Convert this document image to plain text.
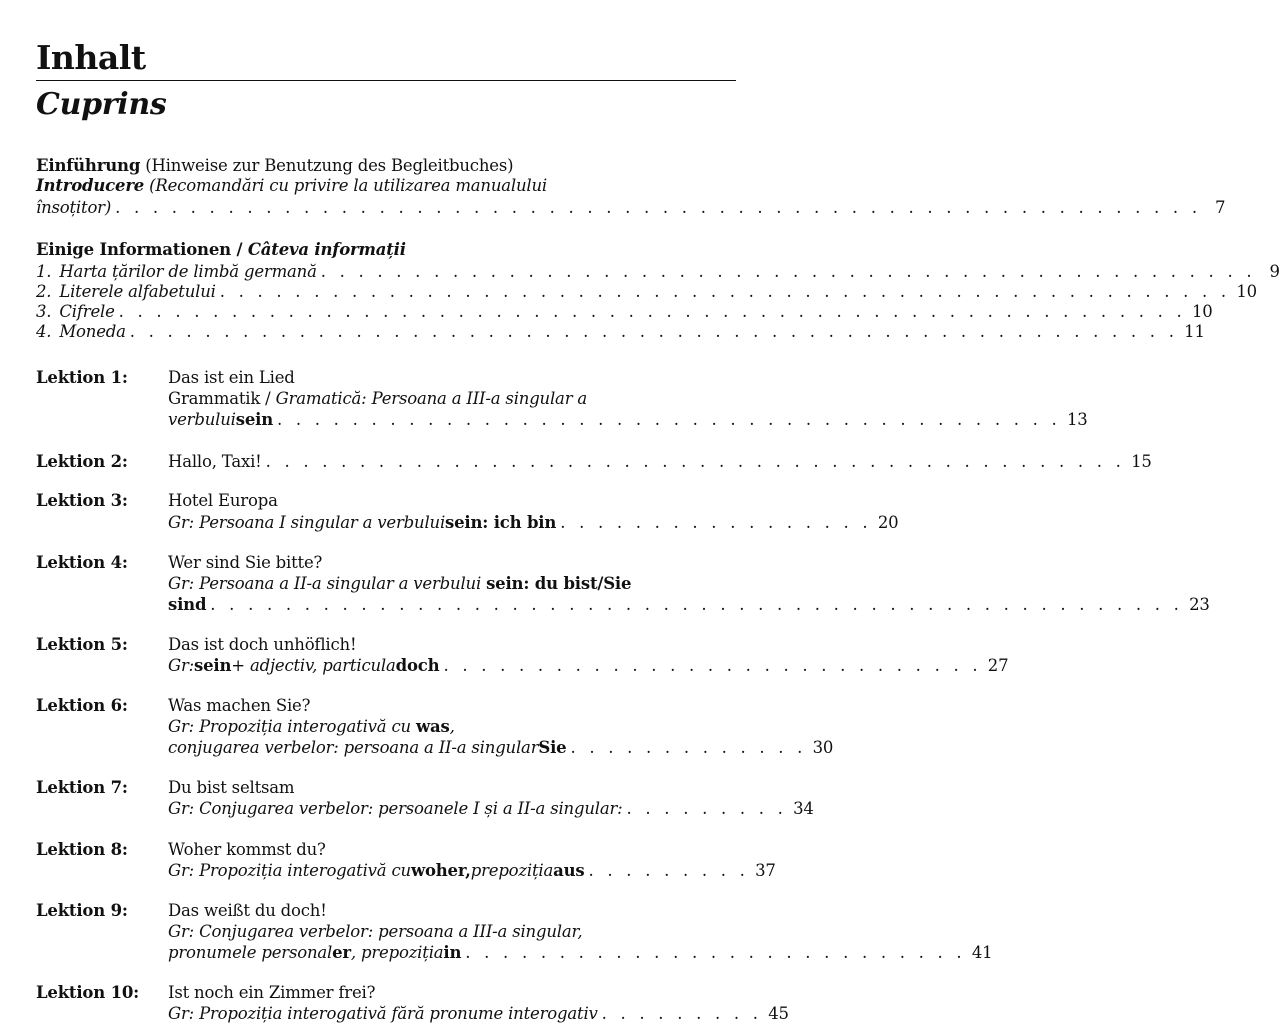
Inhalt
Cuprins
Einführung (Hinweise zur Benutzung des Begleitbuches)
Introducere (Recomandări cu privire la utilizarea manualului
însoțitor) . . . . . . . . . . . . . . . . . . . . . . . . . . . . . . . . . . . . . . . . . . . . . . . . . . . . . . . . . . 7
Einige Informationen / Câteva informații
1. Harta țărilor de limbă germană . . . . . . . . . . . . . . . . . . . . . . . . . . . . . . . . . . . . . . . . . . . . . . . . . . 9
2. Literele alfabetului . . . . . . . . . . . . . . . . . . . . . . . . . . . . . . . . . . . . . . . . . . . . . . . . . . . . . . 10
3. Cifrele . . . . . . . . . . . . . . . . . . . . . . . . . . . . . . . . . . . . . . . . . . . . . . . . . . . . . . . . . 10
4. Moneda . . . . . . . . . . . . . . . . . . . . . . . . . . . . . . . . . . . . . . . . . . . . . . . . . . . . . . . . 11
Lektion 1:	Das ist ein Lied
Grammatik / Gramatică: Persoana a III-a singular a
verbului sein . . . . . . . . . . . . . . . . . . . . . . . . . . . . . . . . . . . . . . . . . . 13
Lektion 2:	Hallo, Taxi! . . . . . . . . . . . . . . . . . . . . . . . . . . . . . . . . . . . . . . . . . . . . . . 15
Lektion 3:	Hotel Europa
Gr: Persoana I singular a verbului sein: ich bin . . . . . . . . . . . . . . . . . 20
Lektion 4:	Wer sind Sie bitte?
Gr: Persoana a II-a singular a verbului sein: du bist/Sie
sind . . . . . . . . . . . . . . . . . . . . . . . . . . . . . . . . . . . . . . . . . . . . . . . . . . . . 23
Lektion 5:	Das ist doch unhöflich!
Gr: sein + adjectiv, particula doch . . . . . . . . . . . . . . . . . . . . . . . . . . . . . 27
Lektion 6:	Was machen Sie?
Gr: Propoziția interogativă cu was,
conjugarea verbelor: persoana a II-a singular Sie . . . . . . . . . . . . . 30
Lektion 7:	Du bist seltsam
Gr: Conjugarea verbelor: persoanele I și a II-a singular: . . . . . . . . . 34
Lektion 8:	Woher kommst du?
Gr: Propoziția interogativă cu woher, prepoziția aus . . . . . . . . . 37
Lektion 9:	Das weißt du doch!
Gr: Conjugarea verbelor: persoana a III-a singular,
pronumele personal er , prepoziția in . . . . . . . . . . . . . . . . . . . . . . . . . . . 41
Lektion 10:	Ist noch ein Zimmer frei?
Gr: Propoziția interogativă fără pronume interogativ . . . . . . . . . 45
